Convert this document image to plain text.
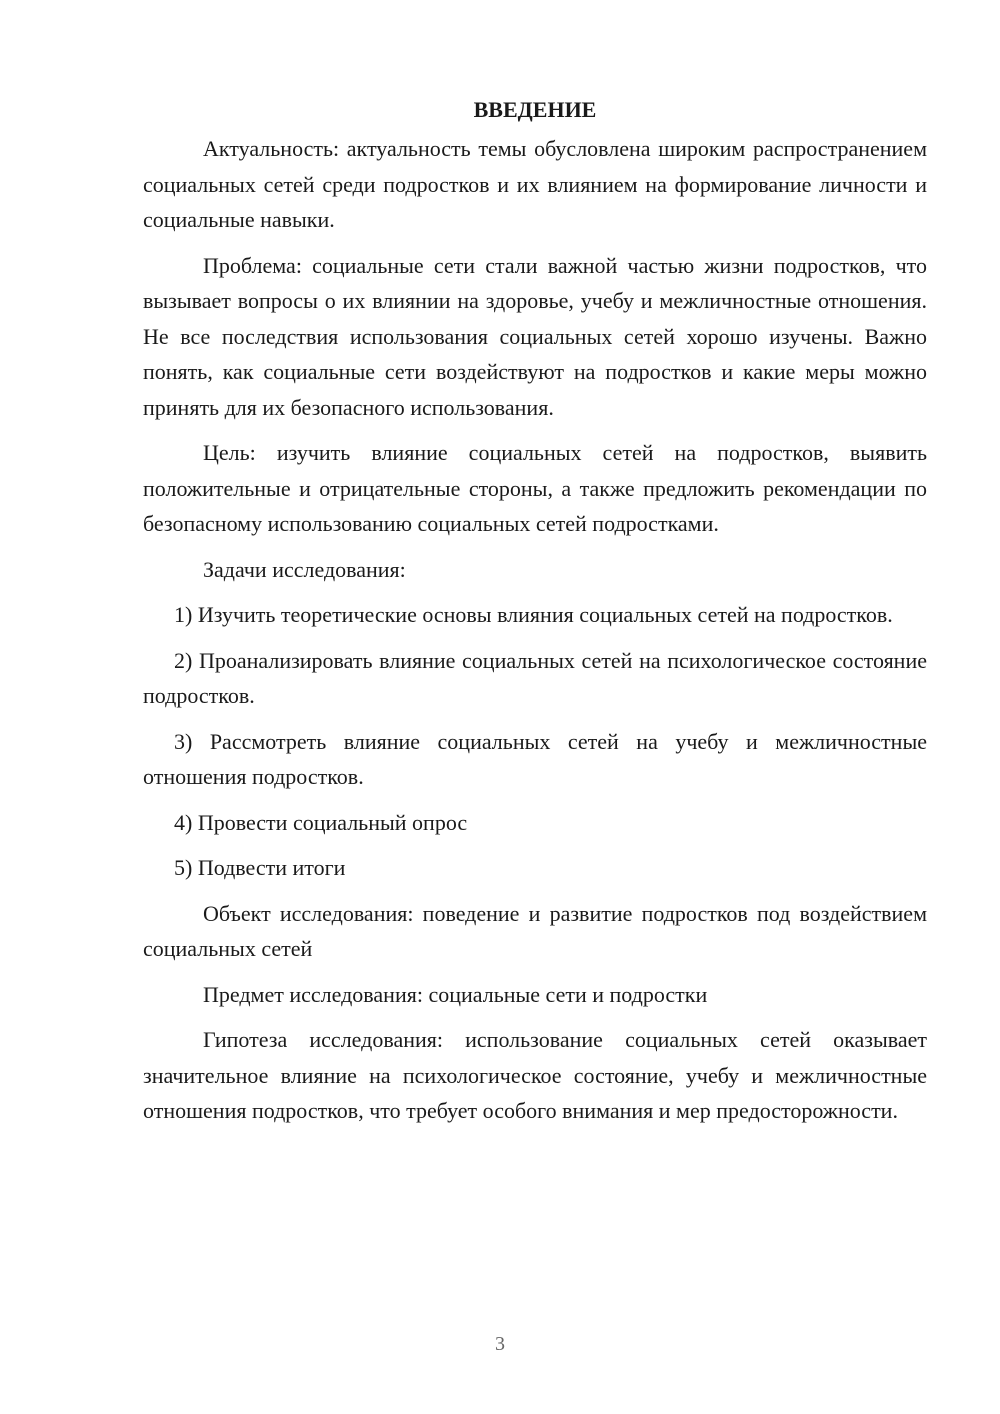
ВВЕДЕНИЕ

Актуальность: актуальность темы обусловлена широким распространением социальных сетей среди подростков и их влиянием на формирование личности и социальные навыки.

Проблема: социальные сети стали важной частью жизни подростков, что вызывает вопросы о их влиянии на здоровье, учебу и межличностные отношения. Не все последствия использования социальных сетей хорошо изучены. Важно понять, как социальные сети воздействуют на подростков и какие меры можно принять для их безопасного использования.

Цель: изучить влияние социальных сетей на подростков, выявить положительные и отрицательные стороны, а также предложить рекомендации по безопасному использованию социальных сетей подростками.

Задачи исследования:

1) Изучить теоретические основы влияния социальных сетей на подростков.

2) Проанализировать влияние социальных сетей на психологическое состояние подростков.

3) Рассмотреть влияние социальных сетей на учебу и межличностные отношения подростков.

4) Провести социальный опрос

5) Подвести итоги

Объект исследования: поведение и развитие подростков под воздействием социальных сетей

Предмет исследования: социальные сети и подростки

Гипотеза исследования: использование социальных сетей оказывает значительное влияние на психологическое состояние, учебу и межличностные отношения подростков, что требует особого внимания и мер предосторожности.

3
